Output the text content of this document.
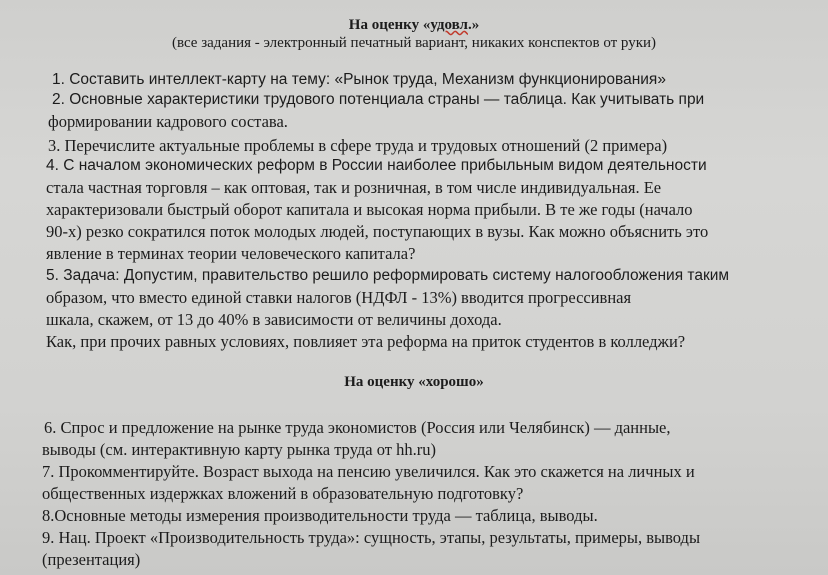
На оценку «удовл.»
(все задания - электронный печатный вариант, никаких конспектов от руки)
1. Составить интеллект-карту на тему: «Рынок труда, Механизм функционирования»
2. Основные характеристики трудового потенциала страны — таблица. Как учитывать при
формировании кадрового состава.
3. Перечислите актуальные проблемы в сфере труда и трудовых отношений (2 примера)
4. С началом экономических реформ в России наиболее прибыльным видом деятельности
стала частная торговля – как оптовая, так и розничная, в том числе индивидуальная. Ее
характеризовали быстрый оборот капитала и высокая норма прибыли. В те же годы (начало
90-х) резко сократился поток молодых людей, поступающих в вузы. Как можно объяснить это
явление в терминах теории человеческого капитала?
5. Задача: Допустим, правительство решило реформировать систему налогообложения таким
образом, что вместо единой ставки налогов (НДФЛ - 13%) вводится прогрессивная
шкала, скажем, от 13 до 40% в зависимости от величины дохода.
Как, при прочих равных условиях, повлияет эта реформа на приток студентов в колледжи?
На оценку «хорошо»
6. Спрос и предложение на рынке труда экономистов (Россия или Челябинск) — данные,
выводы (см. интерактивную карту рынка труда от hh.ru)
7. Прокомментируйте. Возраст выхода на пенсию увеличился. Как это скажется на личных и
общественных издержках вложений в образовательную подготовку?
8.Основные методы измерения производительности труда — таблица, выводы.
9. Нац. Проект «Производительность труда»: сущность, этапы, результаты, примеры, выводы
(презентация)
